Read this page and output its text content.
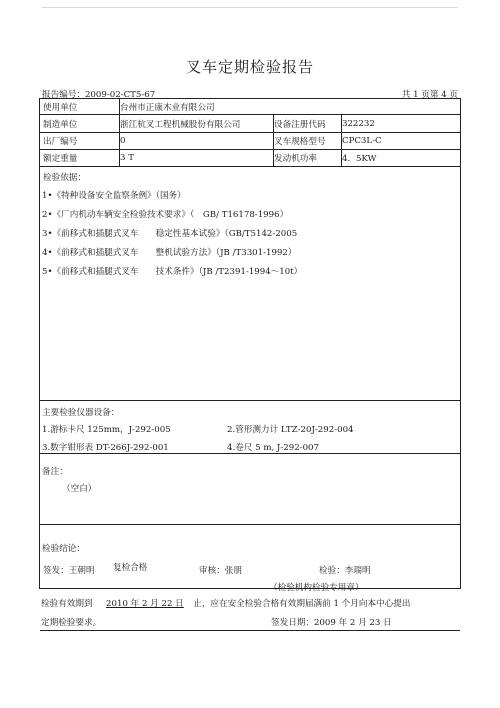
叉车定期检验报告
报告编号：2009-02-CT5-67	共 1 页第 4 页
使用单位	台州市正康木业有限公司
制造单位	浙江杭叉工程机械股份有限公司	设备注册代码	322232
出厂编号	0	叉车规格型号	CPC3L-C
额定重量	3 T	发动机功率	4．5KW
检验依据：
1•《特种设备安全监察条例》（国务）
2•《厂内机动车辆安全检验技术要求》（　GB/ T16178-1996）
3•《前移式和插腿式叉车　　稳定性基本试验》（GB/T5142-2005
4•《前移式和插腿式叉车　　整机试验方法》（JB /T3301-1992）
5•《前移式和插腿式叉车　　技术条件》（JB /T2391-1994～10t）
主要检验仪器设备：
1.游标卡尺 125mm，J-292-005	2.管形测力计 LTZ-20J-292-004
3.数字钳形表 DT-266J-292-001	4.卷尺 5 m, J-292-007
备注：
（空白）
检验结论：
复检合格
（检验机构检验专用章）
签发日期：2009 年 2 月 23 日
签发：王朝明	审核：张朋	检验：李瑞明
检验有效期到 2010 年 2 月 22 日 止，应在安全检验合格有效期届满前 1 个月向本中心提出
定期检验要求。
